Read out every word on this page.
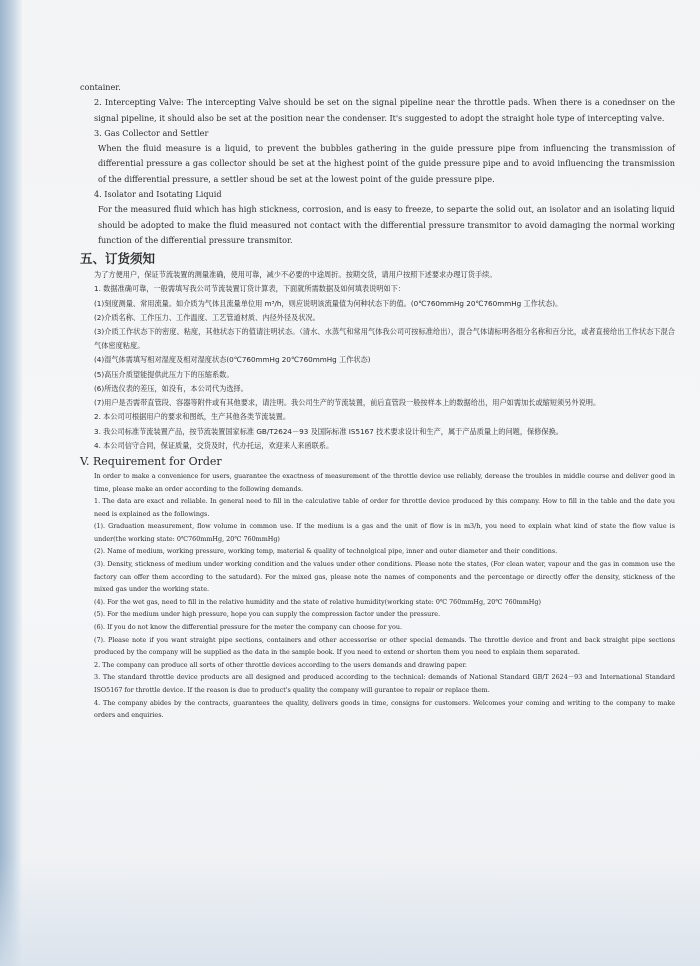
container.

2. Intercepting Valve: The intercepting Valve should be set on the signal pipeline near the throttle pads. When there is a conednser on the signal pipeline, it should also be set at the position near the condenser. It's suggested to adopt the straight hole type of intercepting valve.

3. Gas Collector and Settler

When the fluid measure is a liquid, to prevent the bubbles gathering in the guide pressure pipe from influencing the transmission of differential pressure a gas collector should be set at the highest point of the guide pressure pipe and to avoid influencing the transmission of the differential pressure, a settler shoud be set at the lowest point of the guide pressure pipe.

4. Isolator and Isotating Liquid

For the measured fluid which has high stickness, corrosion, and is easy to freeze, to separte the solid out, an isolator and an isolating liquid should be adopted to make the fluid measured not contact with the differential pressure transmitor to avoid damaging the normal working function of the differential pressure transmitor.

五、订货须知

为了方便用户，保证节流装置的测量准确，使用可靠，减少不必要的中途周折。按期交货，请用户按照下述要求办理订货手续。

1. 数据准确可靠，一般需填写我公司节流装置订货计算表，下面就所需数据及如何填表说明如下：

(1)刻度测量、常用流量。如介质为气体且流量单位用 m³/h，则应说明该流量值为何种状态下的值。(0℃760mmHg 20℃760mmHg 工作状态)。

(2)介质名称、工作压力、工作温度、工艺管道材质、内径外径及状况。

(3)介质工作状态下的密度、粘度，其他状态下的值请注明状态。（清水、水蒸气和常用气体我公司可按标准给出），混合气体请标明各组分名称和百分比，或者直接给出工作状态下混合气体密度粘度。

(4)湿气体需填写相对湿度及相对湿度状态(0℃760mmHg 20℃760mmHg 工作状态)

(5)高压介质望能提供此压力下的压缩系数。

(6)所选仪表的差压，如没有，本公司代为选择。

(7)用户是否需带直管段、容器等附件或有其他要求，请注明。我公司生产的节流装置，前后直管段一般按样本上的数据给出，用户如需加长或缩短须另外说明。

2. 本公司可根据用户的要求和图纸，生产其他各类节流装置。

3. 我公司标准节流装置产品，按节流装置国家标准 GB/T2624－93 及国际标准 IS5167 技术要求设计和生产，属于产品质量上的问题，保修保换。

4. 本公司信守合同，保证质量，交货及时，代办托运，欢迎来人来函联系。

V. Requirement for Order

In order to make a convenience for users, guarantee the exactness of measurement of the throttle device use reliably, derease the troubles in middle course and deliver good in time, please make an order according to the following demands.

1. The data are exact and reliable. In general need to fill in the calculative table of order for throttle device produced by this company. How to fill in the table and the date you need is explained as the followings.

(1). Graduation measurement, flow volume in common use. If the medium is a gas and the unit of flow is in m3/h, you need to explain what kind of state the flow value is under(the working state: 0℃760mmHg, 20℃ 760mmHg)

(2). Name of medium, working pressure, working temp, material & quality of technolgical pipe, inner and outer diameter and their conditions.

(3). Density, stickness of medium under working condition and the values under other conditions. Please note the states, (For clean water, vapour and the gas in common use the factory can offer them according to the satudard). For the mixed gas, please note the names of components and the percentage or directly offer the density, stickness of the mixed gas under the working state.

(4). For the wet gas, need to fill in the relative humidity and the state of relative humidity(working state: 0℃ 760mmHg, 20℃ 760mmHg)

(5). For the medium under high pressure, hope you can supply the compression factor under the pressure.

(6). If you do not know the differential pressure for the meter the company can choose for you.

(7). Please note if you want straight pipe sections, containers and other accessorise or other special demands. The throttle device and front and back straight pipe sections produced by the company will be supplied as the data in the sample book. If you need to extend or shorten them you need to explain them separated.

2. The company can produce all sorts of other throttle devices according to the users demands and drawing paper.

3. The standard throttle device products are all designed and produced according to the technical: demands of National Standard GB/T 2624－93 and International Standard ISO5167 for throttle device. If the reason is due to product's quality the company will gurantee to repair or replace them.

4. The company abides by the contracts, guarantees the quality, delivers goods in time, consigns for customers. Welcomes your coming and writing to the company to make orders and enquiries.
